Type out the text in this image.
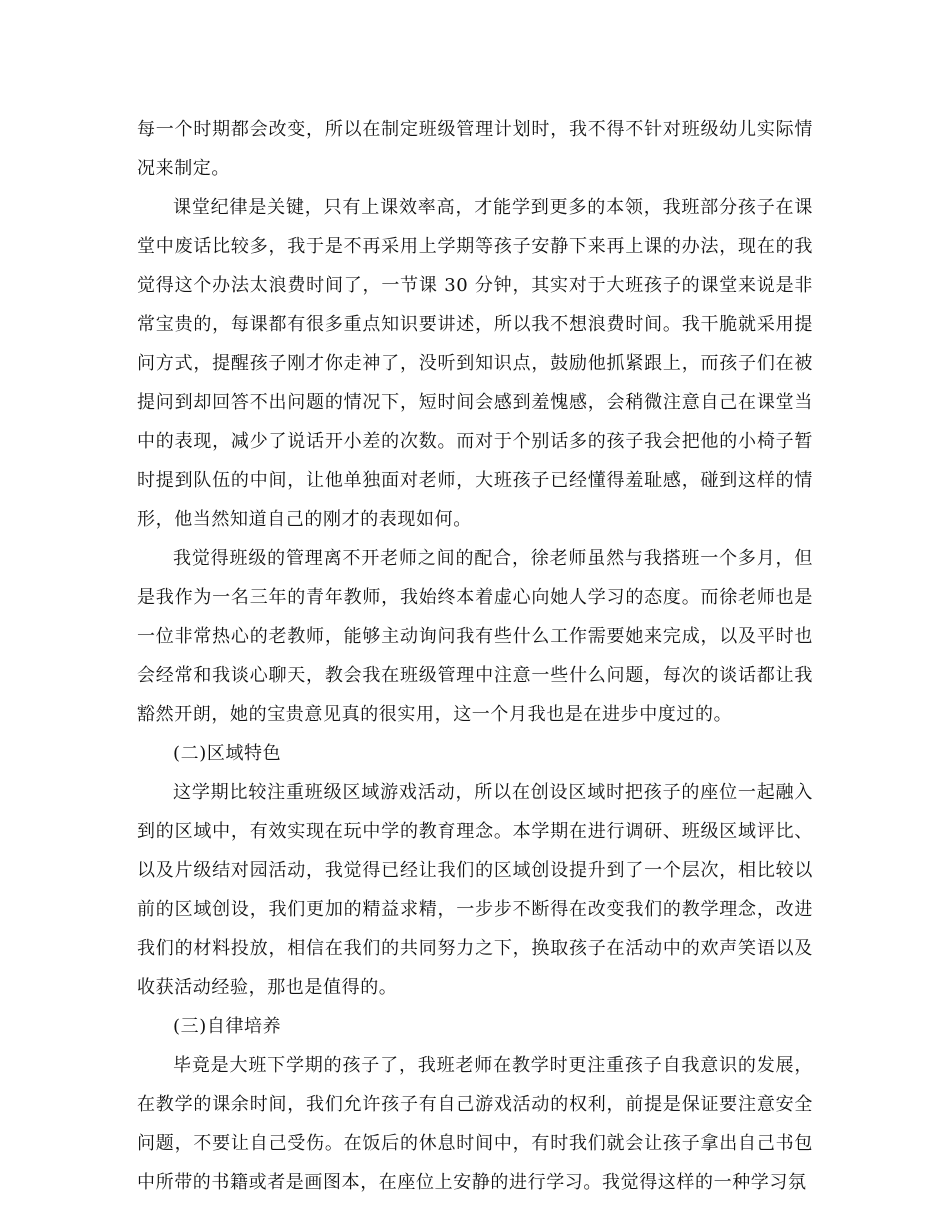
每一个时期都会改变，所以在制定班级管理计划时，我不得不针对班级幼儿实际情况来制定。

课堂纪律是关键，只有上课效率高，才能学到更多的本领，我班部分孩子在课堂中废话比较多，我于是不再采用上学期等孩子安静下来再上课的办法，现在的我觉得这个办法太浪费时间了，一节课 30 分钟，其实对于大班孩子的课堂来说是非常宝贵的，每课都有很多重点知识要讲述，所以我不想浪费时间。我干脆就采用提问方式，提醒孩子刚才你走神了，没听到知识点，鼓励他抓紧跟上，而孩子们在被提问到却回答不出问题的情况下，短时间会感到羞愧感，会稍微注意自己在课堂当中的表现，减少了说话开小差的次数。而对于个别话多的孩子我会把他的小椅子暂时提到队伍的中间，让他单独面对老师，大班孩子已经懂得羞耻感，碰到这样的情形，他当然知道自己的刚才的表现如何。

我觉得班级的管理离不开老师之间的配合，徐老师虽然与我搭班一个多月，但是我作为一名三年的青年教师，我始终本着虚心向她人学习的态度。而徐老师也是一位非常热心的老教师，能够主动询问我有些什么工作需要她来完成，以及平时也会经常和我谈心聊天，教会我在班级管理中注意一些什么问题，每次的谈话都让我豁然开朗，她的宝贵意见真的很实用，这一个月我也是在进步中度过的。

(二)区域特色

这学期比较注重班级区域游戏活动，所以在创设区域时把孩子的座位一起融入到的区域中，有效实现在玩中学的教育理念。本学期在进行调研、班级区域评比、以及片级结对园活动，我觉得已经让我们的区域创设提升到了一个层次，相比较以前的区域创设，我们更加的精益求精，一步步不断得在改变我们的教学理念，改进我们的材料投放，相信在我们的共同努力之下，换取孩子在活动中的欢声笑语以及收获活动经验，那也是值得的。

(三)自律培养

毕竟是大班下学期的孩子了，我班老师在教学时更注重孩子自我意识的发展，在教学的课余时间，我们允许孩子有自己游戏活动的权利，前提是保证要注意安全问题，不要让自己受伤。在饭后的休息时间中，有时我们就会让孩子拿出自己书包中所带的书籍或者是画图本，在座位上安静的进行学习。我觉得这样的一种学习氛
